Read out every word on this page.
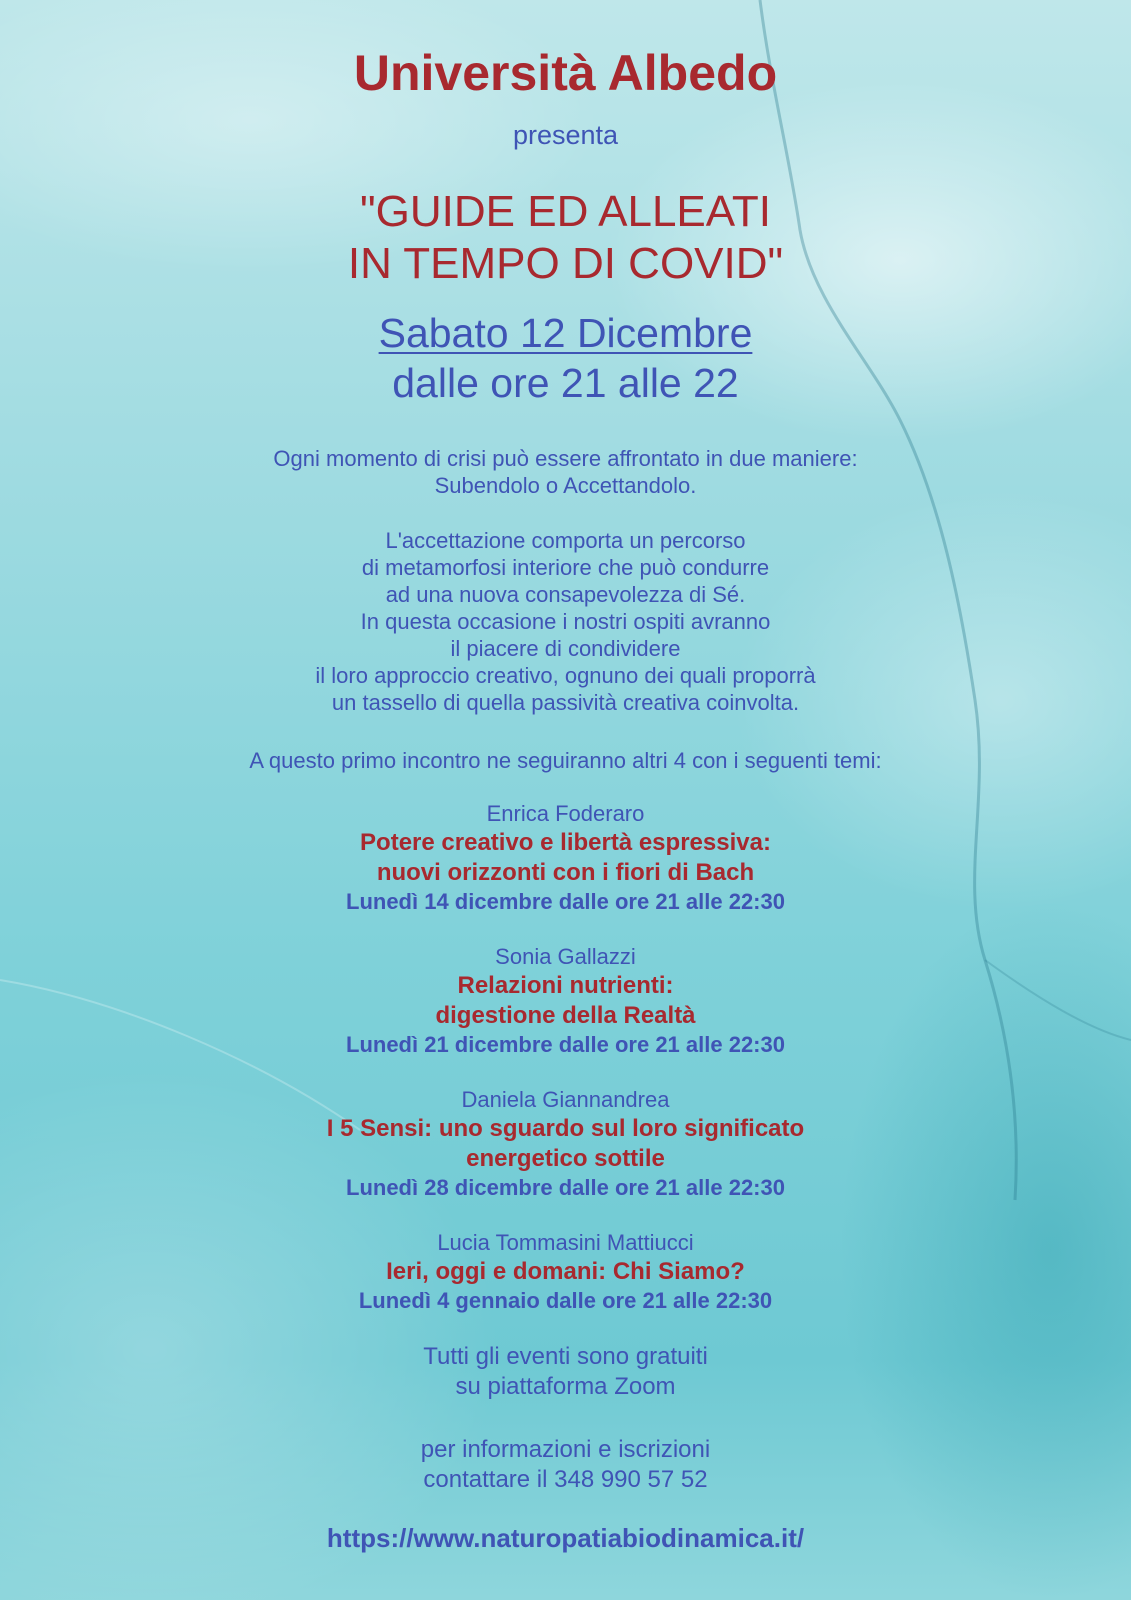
Università Albedo
presenta

"GUIDE ED ALLEATI

IN TEMPO DI COVID"

Sabato 12 Dicembre

dalle ore 21 alle 22

Ogni momento di crisi può essere affrontato in due maniere:

Subendolo o Accettandolo.

L'accettazione comporta un percorso

di metamorfosi interiore che può condurre

ad una nuova consapevolezza di Sé.

In questa occasione i nostri ospiti avranno

il piacere di condividere

il loro approccio creativo, ognuno dei quali proporrà

un tassello di quella passività creativa coinvolta.

A questo primo incontro ne seguiranno altri 4 con i seguenti temi:

Enrica Foderaro

Potere creativo e libertà espressiva:

nuovi orizzonti con i fiori di Bach

Lunedì 14 dicembre dalle ore 21 alle 22:30

Sonia Gallazzi

Relazioni nutrienti:

digestione della Realtà

Lunedì 21 dicembre dalle ore 21 alle 22:30

Daniela Giannandrea

I 5 Sensi: uno sguardo sul loro significato

energetico sottile

Lunedì 28 dicembre dalle ore 21 alle 22:30

Lucia Tommasini Mattiucci

Ieri, oggi e domani: Chi Siamo?

Lunedì 4 gennaio dalle ore 21 alle 22:30

Tutti gli eventi sono gratuiti

su piattaforma Zoom

per informazioni e iscrizioni

contattare il 348 990 57 52

https://www.naturopatiabiodinamica.it/
